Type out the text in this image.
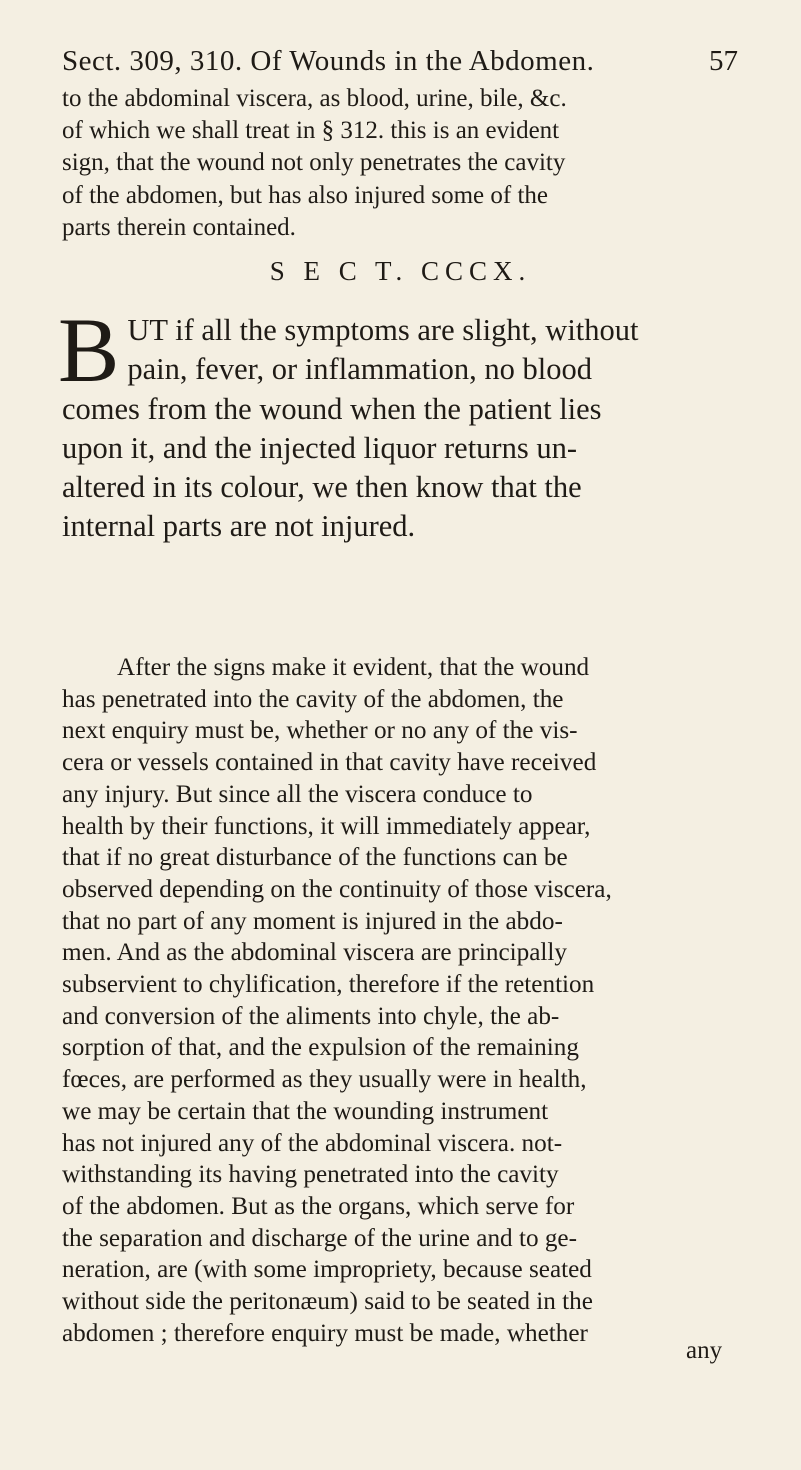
Sect. 309, 310. Of Wounds in the Abdomen.	57
to the abdominal viscera, as blood, urine, bile, &c.
of which we shall treat in § 312. this is an evident
sign, that the wound not only penetrates the cavity
of the abdomen, but has also injured some of the
parts therein contained.
S E C T. CCCX.
B UT if all the symptoms are slight, without
pain, fever, or inflammation, no blood
comes from the wound when the patient lies
upon it, and the injected liquor returns un-
altered in its colour, we then know that the
internal parts are not injured.
After the signs make it evident, that the wound
has penetrated into the cavity of the abdomen, the
next enquiry must be, whether or no any of the vis-
cera or vessels contained in that cavity have received
any injury. But since all the viscera conduce to
health by their functions, it will immediately appear,
that if no great disturbance of the functions can be
observed depending on the continuity of those viscera,
that no part of any moment is injured in the abdo-
men. And as the abdominal viscera are principally
subservient to chylification, therefore if the retention
and conversion of the aliments into chyle, the ab-
sorption of that, and the expulsion of the remaining
fœces, are performed as they usually were in health,
we may be certain that the wounding instrument
has not injured any of the abdominal viscera. not-
withstanding its having penetrated into the cavity
of the abdomen. But as the organs, which serve for
the separation and discharge of the urine and to ge-
neration, are (with some impropriety, because seated
without side the peritonæum) said to be seated in the
abdomen ; therefore enquiry must be made, whether
any
